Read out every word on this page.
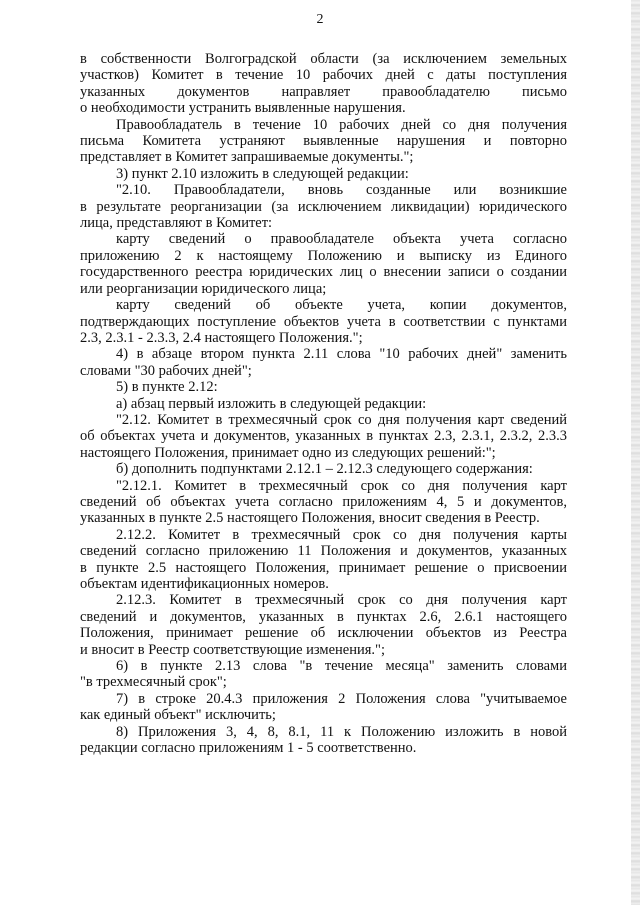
2
в собственности Волгоградской области (за исключением земельных
участков) Комитет в течение 10 рабочих дней с даты поступления
указанных документов направляет правообладателю письмо
о необходимости устранить выявленные нарушения.
Правообладатель в течение 10 рабочих дней со дня получения
письма Комитета устраняют выявленные нарушения и повторно
представляет в Комитет запрашиваемые документы.";
3) пункт 2.10 изложить в следующей редакции:
"2.10. Правообладатели, вновь созданные или возникшие
в результате реорганизации (за исключением ликвидации) юридического
лица, представляют в Комитет:
карту сведений о правообладателе объекта учета согласно
приложению 2 к настоящему Положению и выписку из Единого
государственного реестра юридических лиц о внесении записи о создании
или реорганизации юридического лица;
карту сведений об объекте учета, копии документов,
подтверждающих поступление объектов учета в соответствии с пунктами
2.3, 2.3.1 - 2.3.3, 2.4 настоящего Положения.";
4) в абзаце втором пункта 2.11 слова "10 рабочих дней" заменить
словами "30 рабочих дней";
5) в пункте 2.12:
а) абзац первый изложить в следующей редакции:
"2.12. Комитет в трехмесячный срок со дня получения карт сведений
об объектах учета и документов, указанных в пунктах 2.3, 2.3.1, 2.3.2, 2.3.3
настоящего Положения, принимает одно из следующих решений:";
б) дополнить подпунктами 2.12.1 – 2.12.3 следующего содержания:
"2.12.1. Комитет в трехмесячный срок со дня получения карт
сведений об объектах учета согласно приложениям 4, 5 и документов,
указанных в пункте 2.5 настоящего Положения, вносит сведения в Реестр.
2.12.2. Комитет в трехмесячный срок со дня получения карты
сведений согласно приложению 11 Положения и документов, указанных
в пункте 2.5 настоящего Положения, принимает решение о присвоении
объектам идентификационных номеров.
2.12.3. Комитет в трехмесячный срок со дня получения карт
сведений и документов, указанных в пунктах 2.6, 2.6.1 настоящего
Положения, принимает решение об исключении объектов из Реестра
и вносит в Реестр соответствующие изменения.";
6) в пункте 2.13 слова "в течение месяца" заменить словами
"в трехмесячный срок";
7) в строке 20.4.3 приложения 2 Положения слова "учитываемое
как единый объект" исключить;
8) Приложения 3, 4, 8, 8.1, 11 к Положению изложить в новой
редакции согласно приложениям 1 - 5 соответственно.
